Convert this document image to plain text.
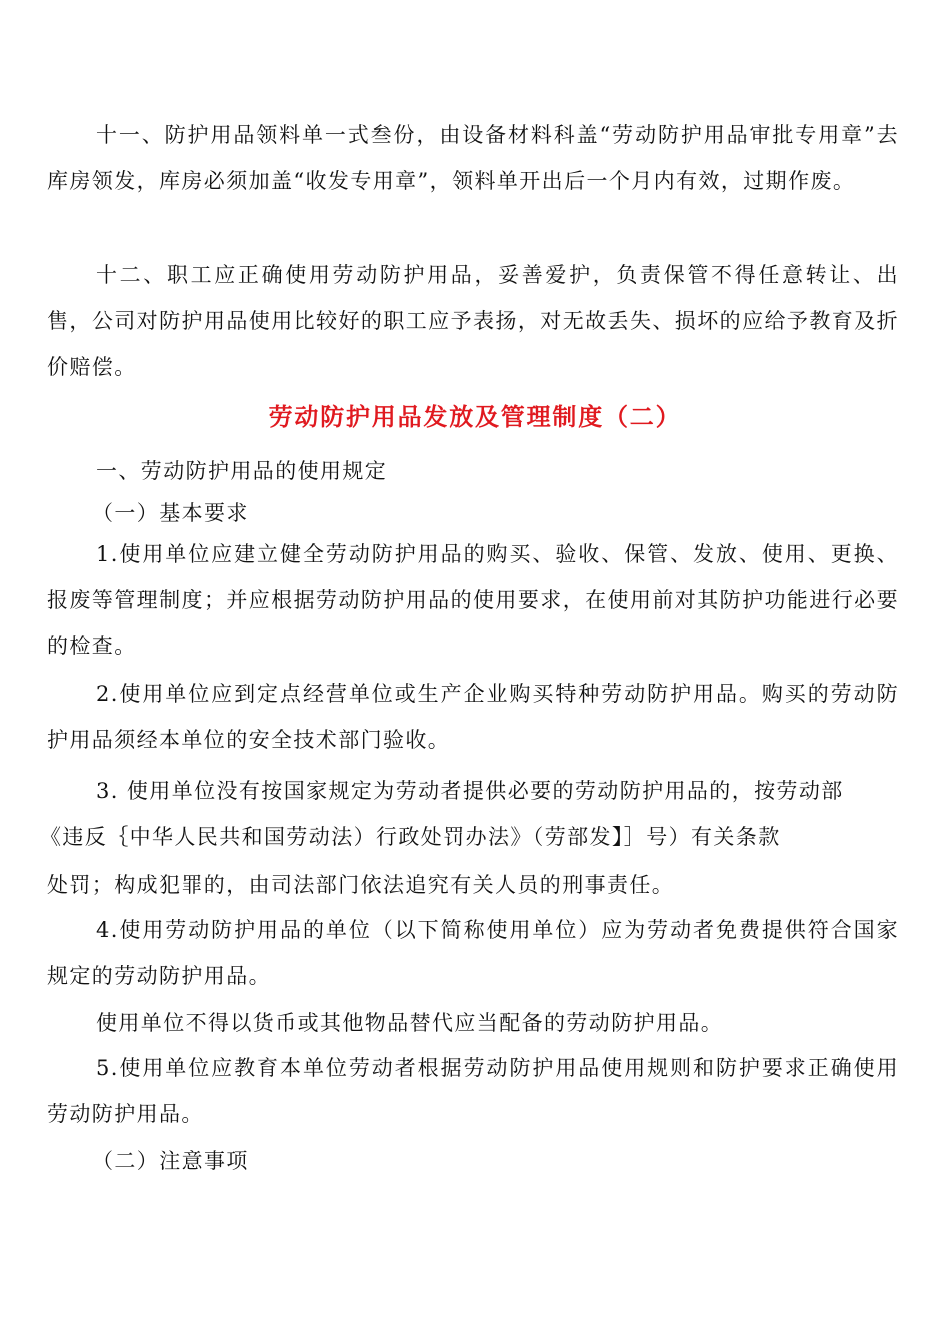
十一、防护用品领料单一式叁份，由设备材料科盖“劳动防护用品审批专用章”去库房领发，库房必须加盖“收发专用章”，领料单开出后一个月内有效，过期作废。

十二、职工应正确使用劳动防护用品，妥善爱护，负责保管不得任意转让、出售，公司对防护用品使用比较好的职工应予表扬，对无故丢失、损坏的应给予教育及折价赔偿。

劳动防护用品发放及管理制度（二）

一、劳动防护用品的使用规定

（一）基本要求

1.使用单位应建立健全劳动防护用品的购买、验收、保管、发放、使用、更换、报废等管理制度；并应根据劳动防护用品的使用要求，在使用前对其防护功能进行必要的检查。

2.使用单位应到定点经营单位或生产企业购买特种劳动防护用品。购买的劳动防护用品须经本单位的安全技术部门验收。

3. 使用单位没有按国家规定为劳动者提供必要的劳动防护用品的，按劳动部

《违反｛中华人民共和国劳动法）行政处罚办法》（劳部发】］号）有关条款

处罚；构成犯罪的，由司法部门依法追究有关人员的刑事责任。

4.使用劳动防护用品的单位（以下简称使用单位）应为劳动者免费提供符合国家规定的劳动防护用品。

使用单位不得以货币或其他物品替代应当配备的劳动防护用品。

5.使用单位应教育本单位劳动者根据劳动防护用品使用规则和防护要求正确使用劳动防护用品。

（二）注意事项
